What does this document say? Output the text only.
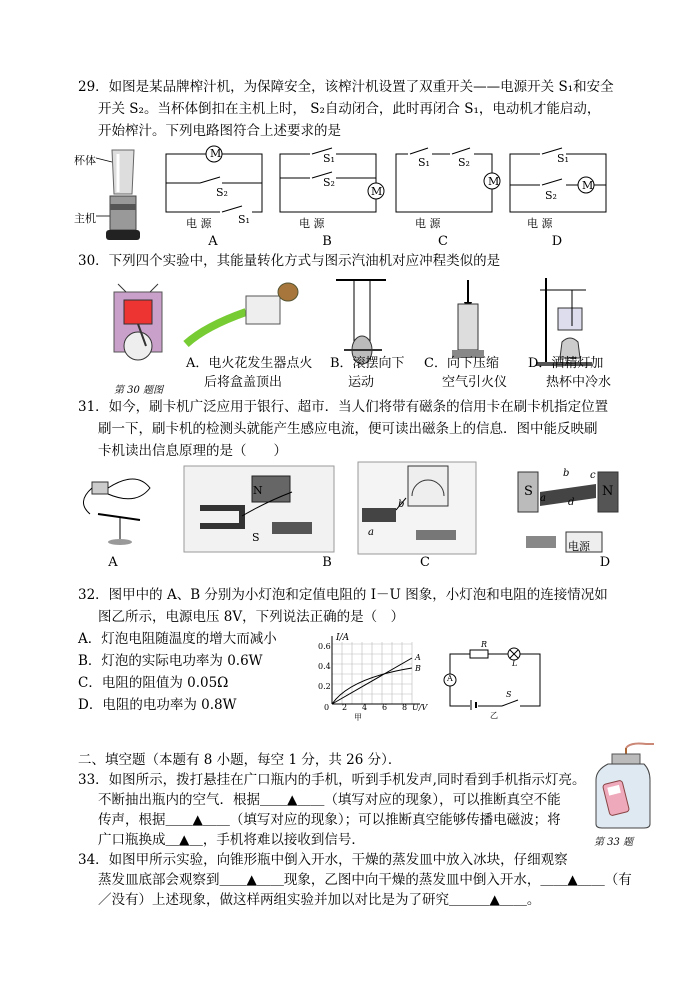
29．如图是某品牌榨汁机，为保障安全，该榨汁机设置了双重开关——电源开关 S₁和安全
开关 S₂。当杯体倒扣在主机上时， S₂自动闭合，此时再闭合 S₁，电动机才能启动，
开始榨汁。下列电路图符合上述要求的是
杯体
主机
M
S₂
电 源 S₁
S₁
S₂
M
电 源
S₁	S₂
M
电 源
S₁
S₂
M
电 源
A	B	C	D
30．下列四个实验中，其能量转化方式与图示汽油机对应冲程类似的是
第 30 题图
A．电火花发生器点火
后将盒盖顶出
B．滚摆向下
运动
C．向下压缩
空气引火仪
D．酒精灯加
热杯中冷水
31．如今，刷卡机广泛应用于银行、超市．当人们将带有磁条的信用卡在刷卡机指定位置
刷一下，刷卡机的检测头就能产生感应电流，便可读出磁条上的信息．图中能反映刷
卡机读出信息原理的是（　　）
N
S	a
b
S	N
b c
a d
电源
A	B	C	D
32．图甲中的 A、B 分别为小灯泡和定值电阻的 I－U 图象，小灯泡和电阻的连接情况如
图乙所示，电源电压 8V，下列说法正确的是（　）
A．灯泡电阻随温度的增大而减小
B．灯泡的实际电功率为 0.6W
C．电阻的阻值为 0.05Ω
D．电阻的电功率为 0.8W
I/A
0.6
0.4
0.2
0 2 4 6 8 U/V
A
B
甲
R
L
A
S
乙
二、填空题（本题有 8 小题，每空 1 分，共 26 分）．
33．如图所示，拨打悬挂在广口瓶内的手机，听到手机发声,同时看到手机指示灯亮。
不断抽出瓶内的空气．根据＿＿▲＿＿（填写对应的现象），可以推断真空不能
传声，根据＿＿▲＿＿（填写对应的现象）；可以推断真空能够传播电磁波；将
广口瓶换成＿▲＿，手机将难以接收到信号．	第 33 题
34．如图甲所示实验，向锥形瓶中倒入开水，干燥的蒸发皿中放入冰块，仔细观察
蒸发皿底部会观察到＿＿▲＿＿现象，乙图中向干燥的蒸发皿中倒入开水，＿＿▲＿＿（有
／没有）上述现象，做这样两组实验并加以对比是为了研究＿＿＿▲＿＿。
